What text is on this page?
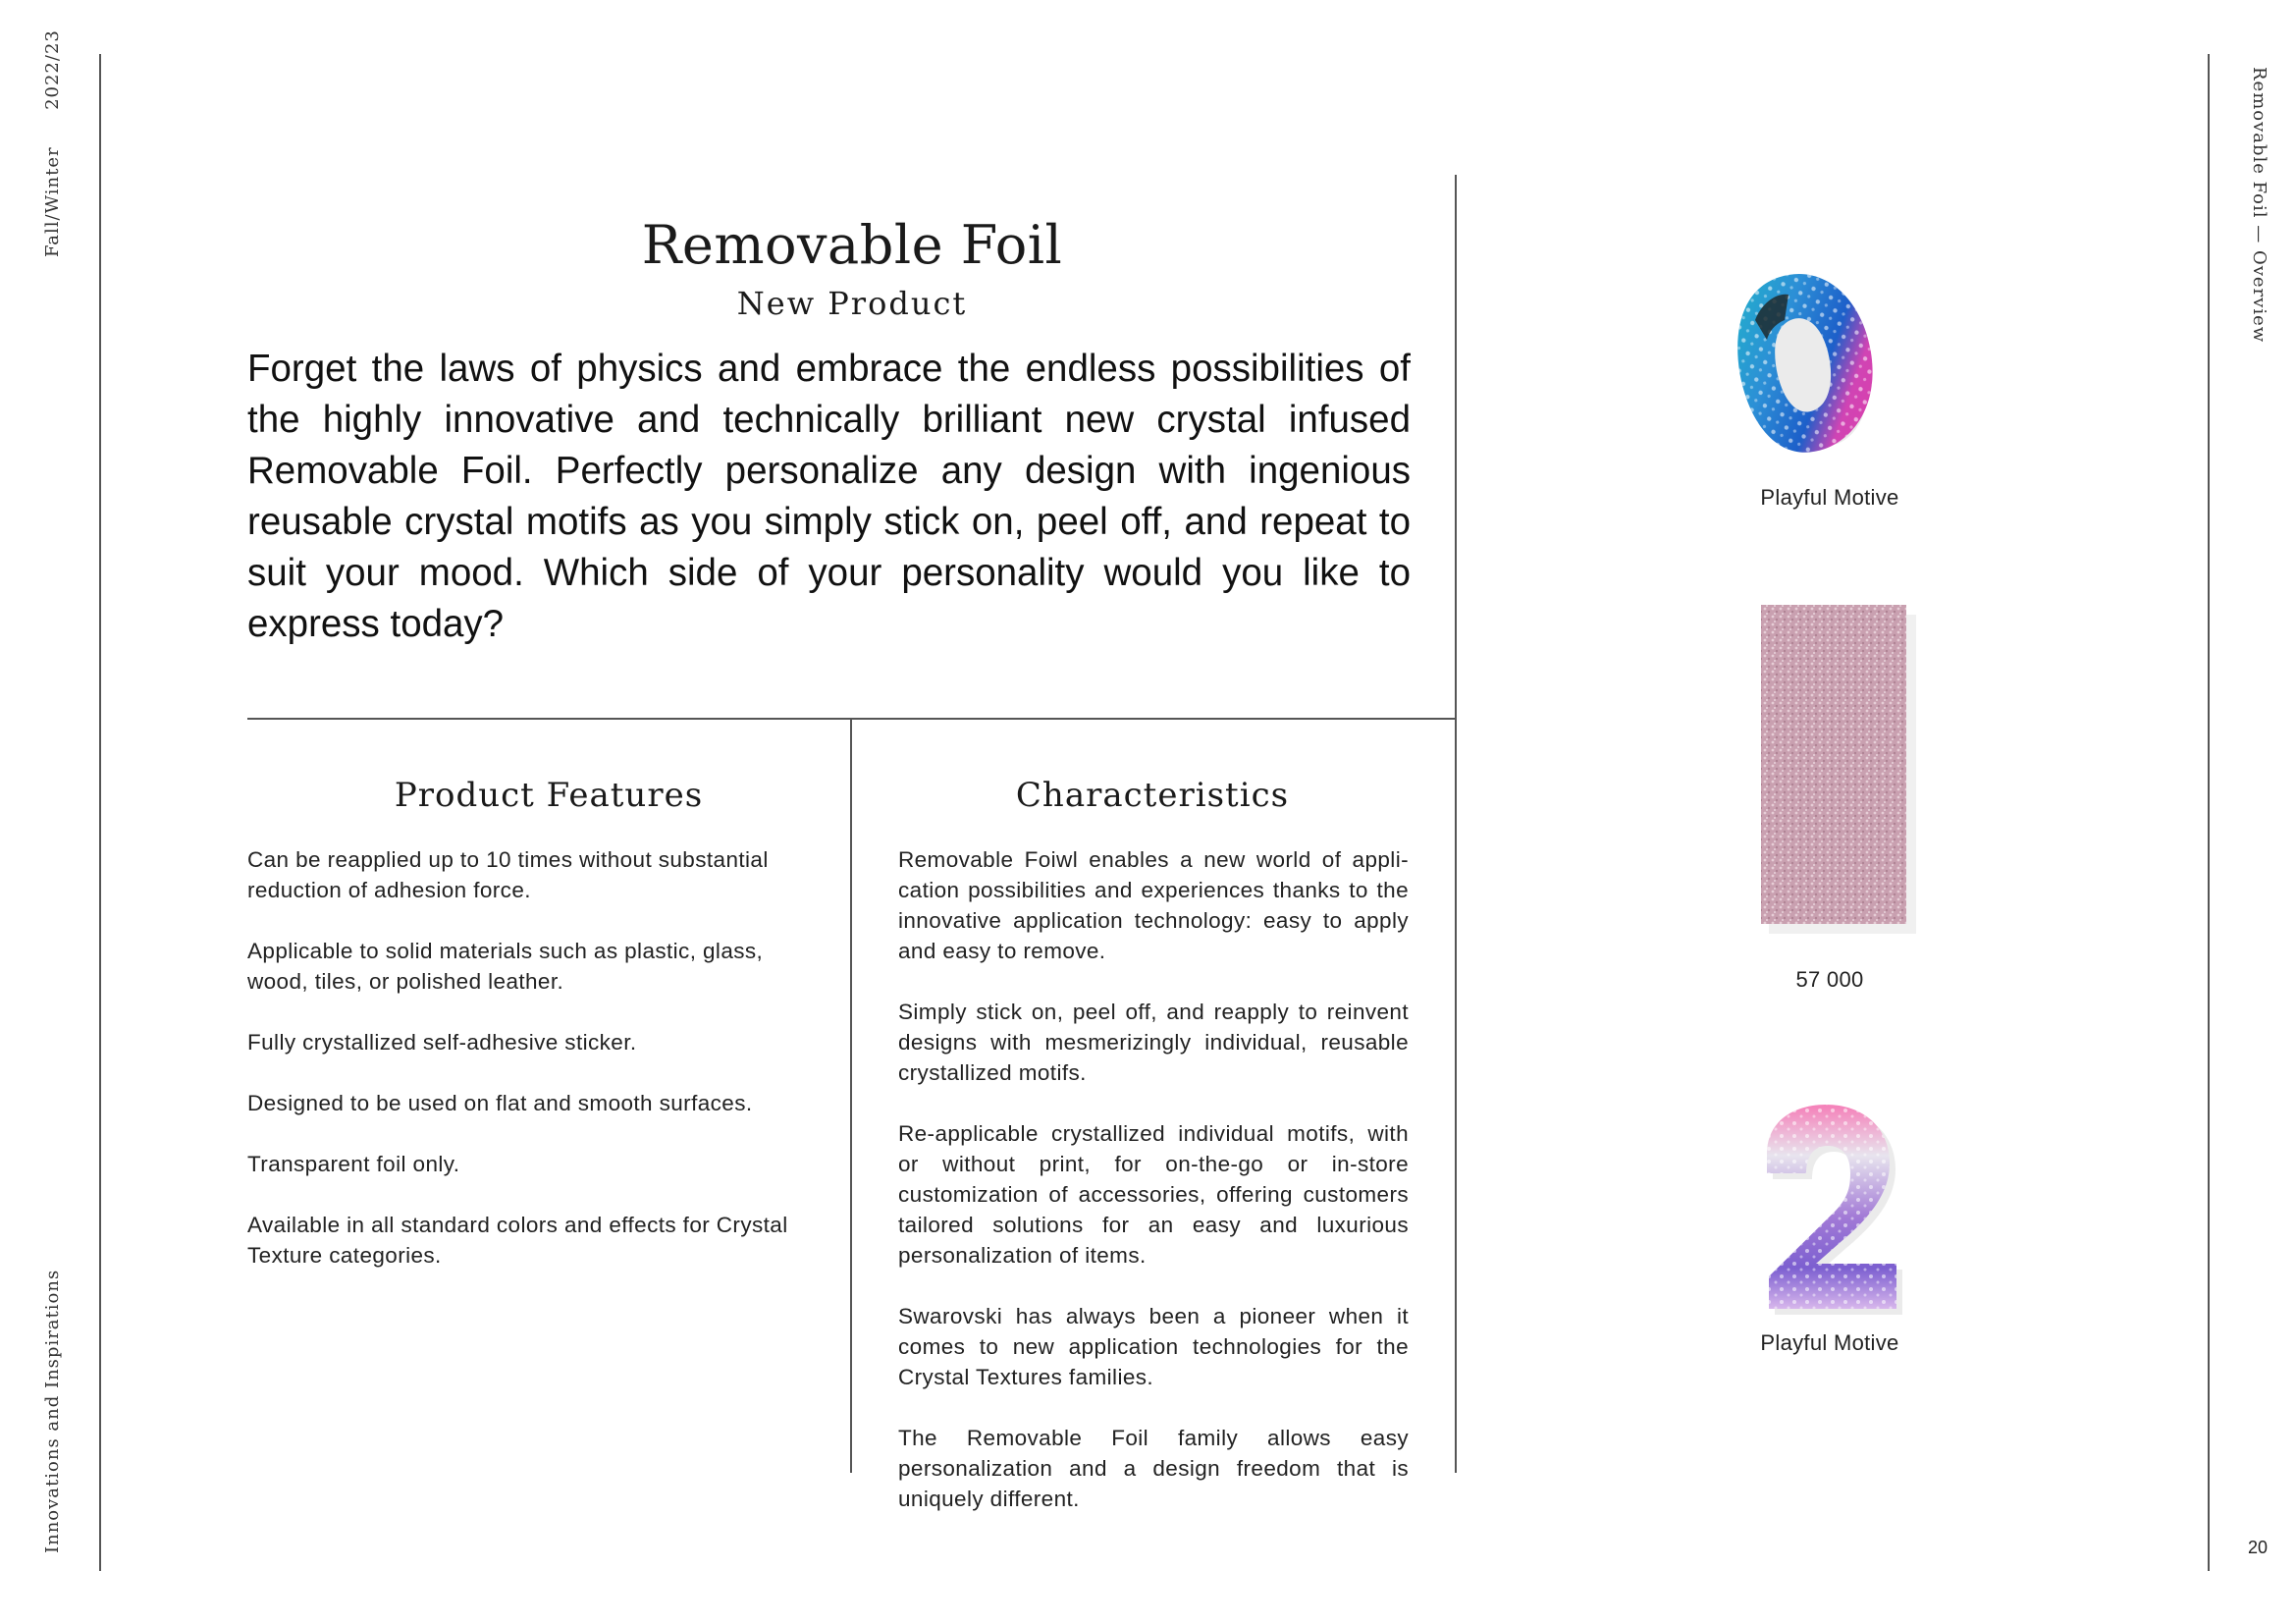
Fall/Winter  2022/23
Innovations and Inspirations
Removable Foil — Overview
20
Removable Foil
New Product

Forget the laws of physics and embrace the endless possibilities of the highly innovative and technically brilliant new crystal infused Removable Foil. Perfectly personalize any design with ingenious reusable crystal motifs as you simply stick on, peel off, and repeat to suit your mood. Which side of your personality would you like to express today?

Product Features	Characteristics

Can be reapplied up to 10 times without substantial reduction of adhesion force.

Applicable to solid materials such as plastic, glass, wood, tiles, or polished leather.

Fully crystallized self-adhesive sticker.

Designed to be used on flat and smooth surfaces.

Transparent foil only.

Available in all standard colors and effects for Crystal Texture categories.

Removable Foiwl enables a new world of appli-cation possibilities and experiences thanks to the innovative application technology: easy to apply and easy to remove.

Simply stick on, peel off, and reapply to reinvent designs with mesmerizingly individual, reusable crystallized motifs.

Re-applicable crystallized individual motifs, with or without print, for on-the-go or in-store customization of accessories, offering customers tailored solutions for an easy and luxurious personalization of items.

Swarovski has always been a pioneer when it comes to new application technologies for the Crystal Textures families.

The Removable Foil family allows easy personalization and a design freedom that is uniquely different.

Playful Motive
57 000
Playful Motive
